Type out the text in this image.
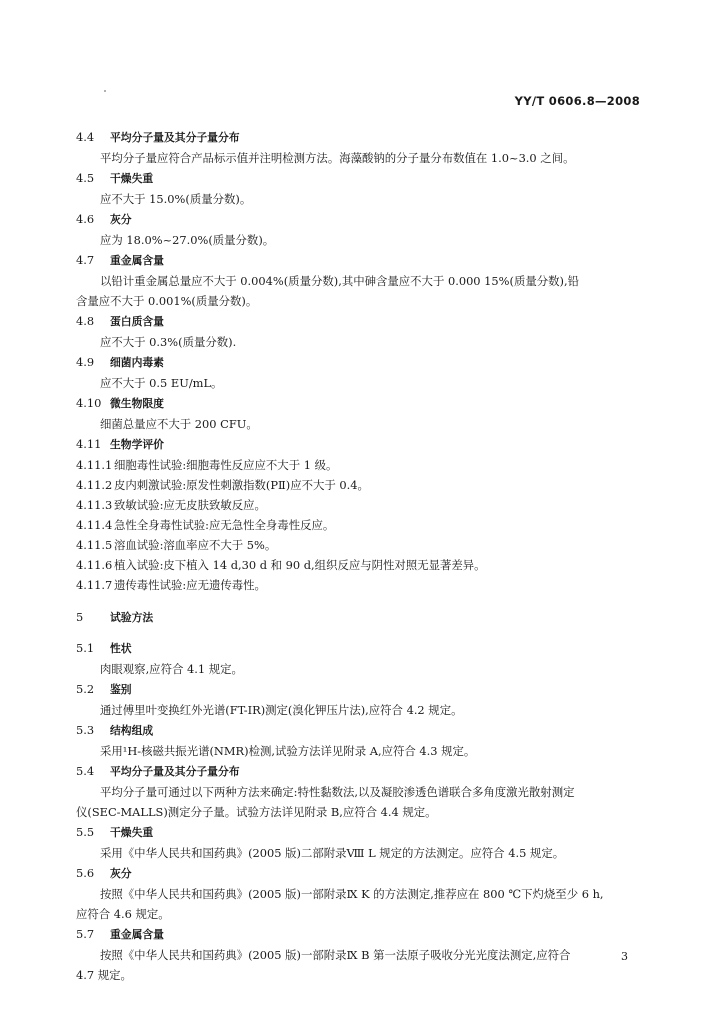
YY/T 0606.8—2008
4.4 平均分子量及其分子量分布
平均分子量应符合产品标示值并注明检测方法。海藻酸钠的分子量分布数值在 1.0~3.0 之间。
4.5 干燥失重
应不大于 15.0%(质量分数)。
4.6 灰分
应为 18.0%~27.0%(质量分数)。
4.7 重金属含量
以铅计重金属总量应不大于 0.004%(质量分数),其中砷含量应不大于 0.000 15%(质量分数),铅
含量应不大于 0.001%(质量分数)。
4.8 蛋白质含量
应不大于 0.3%(质量分数).
4.9 细菌内毒素
应不大于 0.5 EU/mL。
4.10 微生物限度
细菌总量应不大于 200 CFU。
4.11 生物学评价
4.11.1 细胞毒性试验:细胞毒性反应应不大于 1 级。
4.11.2 皮内刺激试验:原发性刺激指数(PⅡ)应不大于 0.4。
4.11.3 致敏试验:应无皮肤致敏反应。
4.11.4 急性全身毒性试验:应无急性全身毒性反应。
4.11.5 溶血试验:溶血率应不大于 5%。
4.11.6 植入试验:皮下植入 14 d,30 d 和 90 d,组织反应与阴性对照无显著差异。
4.11.7 遗传毒性试验:应无遗传毒性。
5 试验方法
5.1 性状
肉眼观察,应符合 4.1 规定。
5.2 鉴别
通过傅里叶变换红外光谱(FT-IR)测定(溴化钾压片法),应符合 4.2 规定。
5.3 结构组成
采用¹H-核磁共振光谱(NMR)检测,试验方法详见附录 A,应符合 4.3 规定。
5.4 平均分子量及其分子量分布
平均分子量可通过以下两种方法来确定:特性黏数法,以及凝胶渗透色谱联合多角度激光散射测定
仪(SEC-MALLS)测定分子量。试验方法详见附录 B,应符合 4.4 规定。
5.5 干燥失重
采用《中华人民共和国药典》(2005 版)二部附录Ⅷ L 规定的方法测定。应符合 4.5 规定。
5.6 灰分
按照《中华人民共和国药典》(2005 版)一部附录Ⅸ K 的方法测定,推荐应在 800 ℃下灼烧至少 6 h,
应符合 4.6 规定。
5.7 重金属含量
按照《中华人民共和国药典》(2005 版)一部附录Ⅸ B 第一法原子吸收分光光度法测定,应符合
4.7 规定。
3
